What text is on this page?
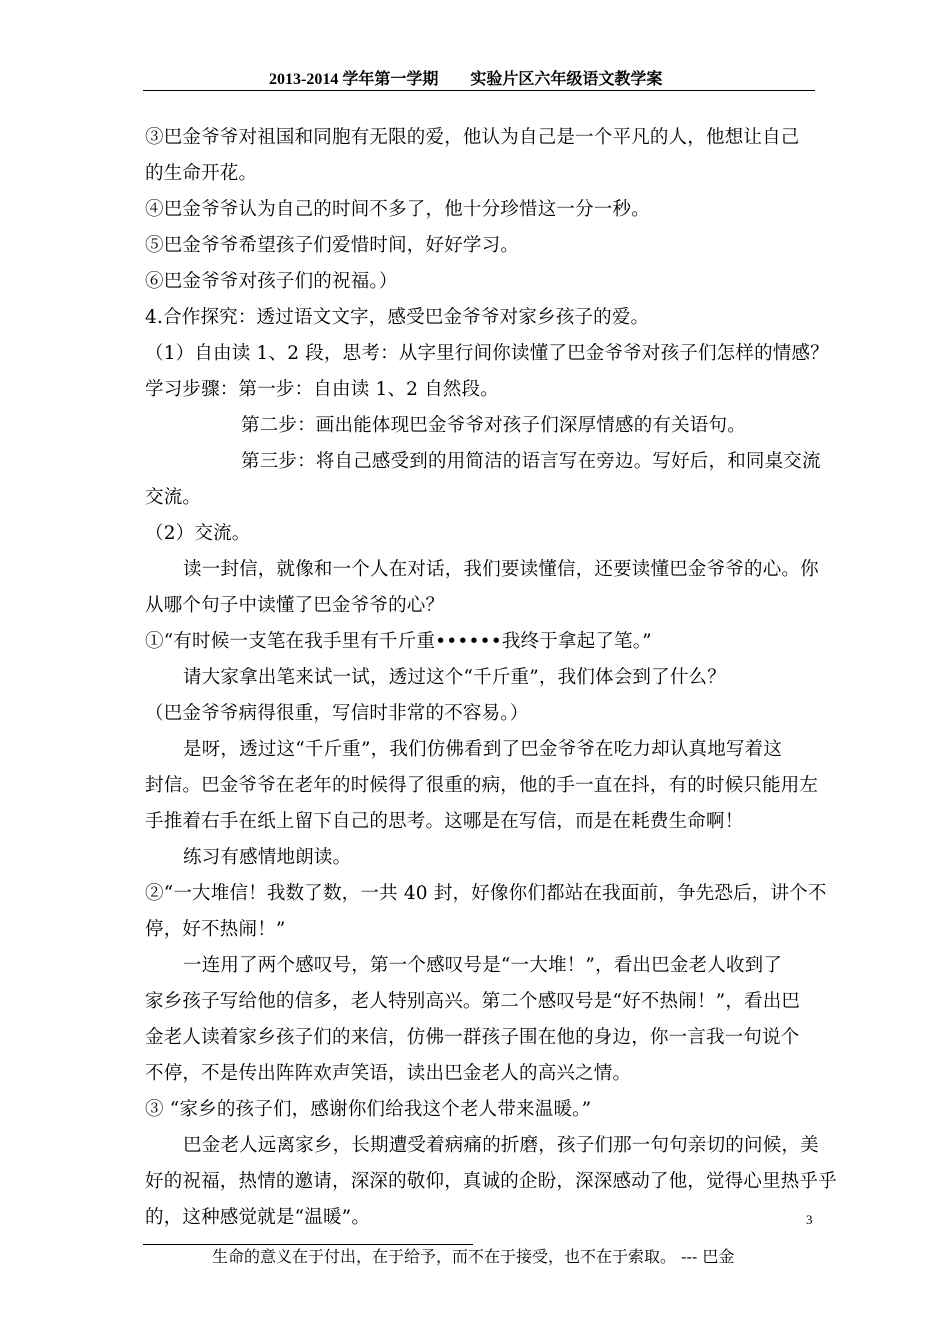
2013-2014 学年第一学期        实验片区六年级语文教学案
③巴金爷爷对祖国和同胞有无限的爱，他认为自己是一个平凡的人，他想让自己
的生命开花。
④巴金爷爷认为自己的时间不多了，他十分珍惜这一分一秒。
⑤巴金爷爷希望孩子们爱惜时间，好好学习。
⑥巴金爷爷对孩子们的祝福。）
4.合作探究：透过语文文字，感受巴金爷爷对家乡孩子的爱。
（1）自由读 1、2 段，思考：从字里行间你读懂了巴金爷爷对孩子们怎样的情感？
学习步骤：第一步：自由读 1、2 自然段。
第二步：画出能体现巴金爷爷对孩子们深厚情感的有关语句。
第三步：将自己感受到的用简洁的语言写在旁边。写好后，和同桌交流
交流。
（2）交流。
读一封信，就像和一个人在对话，我们要读懂信，还要读懂巴金爷爷的心。你
从哪个句子中读懂了巴金爷爷的心？
①“有时候一支笔在我手里有千斤重••••••我终于拿起了笔。”
请大家拿出笔来试一试，透过这个“千斤重”，我们体会到了什么？
（巴金爷爷病得很重，写信时非常的不容易。）
是呀，透过这“千斤重”，我们仿佛看到了巴金爷爷在吃力却认真地写着这
封信。巴金爷爷在老年的时候得了很重的病，他的手一直在抖，有的时候只能用左
手推着右手在纸上留下自己的思考。这哪是在写信，而是在耗费生命啊！
练习有感情地朗读。
②“一大堆信！我数了数，一共 40 封，好像你们都站在我面前，争先恐后，讲个不
停，好不热闹！”
一连用了两个感叹号，第一个感叹号是“一大堆！”，看出巴金老人收到了
家乡孩子写给他的信多，老人特别高兴。第二个感叹号是“好不热闹！”，看出巴
金老人读着家乡孩子们的来信，仿佛一群孩子围在他的身边，你一言我一句说个
不停，不是传出阵阵欢声笑语，读出巴金老人的高兴之情。
③ “家乡的孩子们，感谢你们给我这个老人带来温暖。”
巴金老人远离家乡，长期遭受着病痛的折磨，孩子们那一句句亲切的问候，美
好的祝福，热情的邀请，深深的敬仰，真诚的企盼，深深感动了他，觉得心里热乎乎
的，这种感觉就是“温暖”。	3
生命的意义在于付出，在于给予，而不在于接受，也不在于索取。 --- 巴金
